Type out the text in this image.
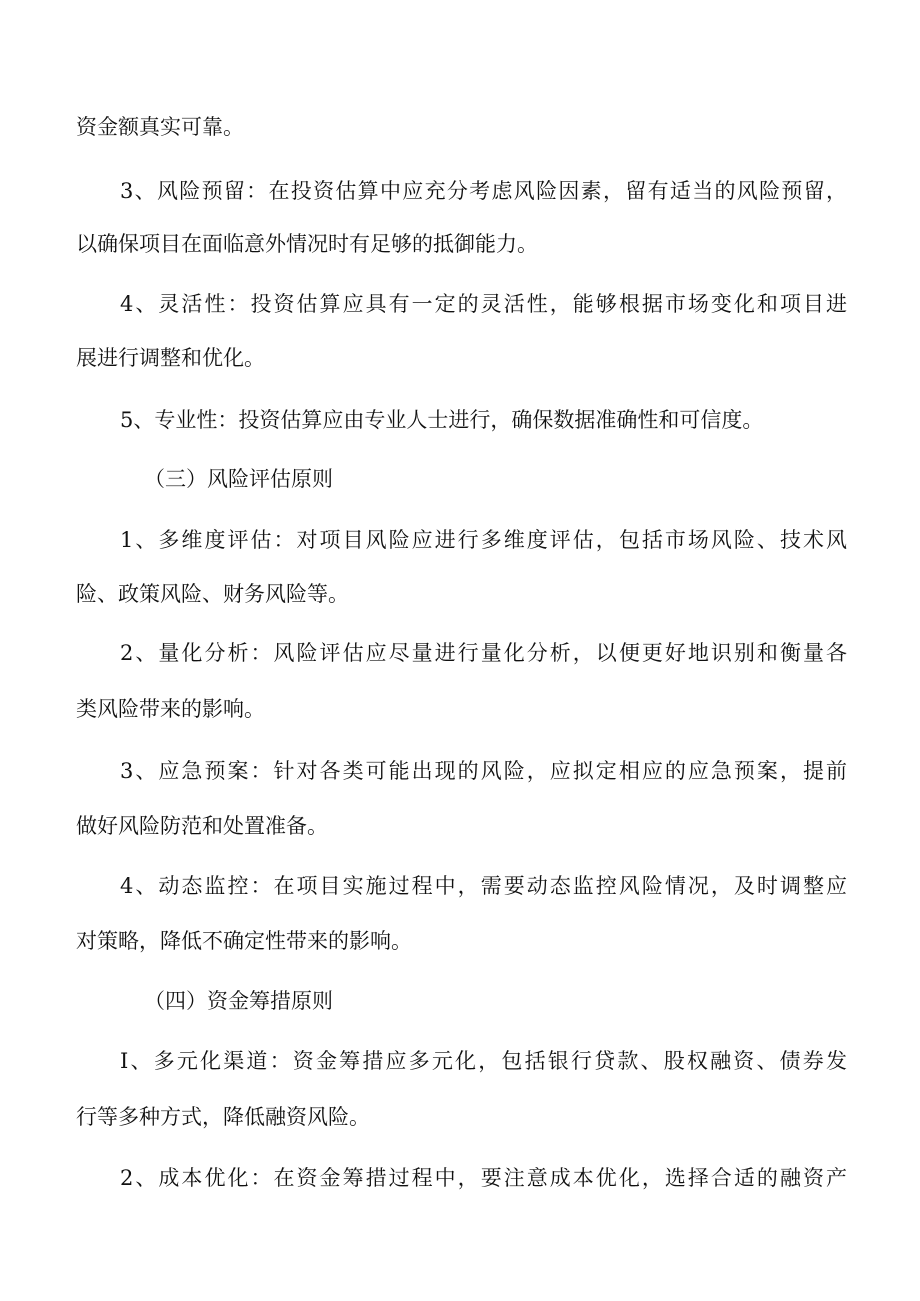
资金额真实可靠。
3、风险预留：在投资估算中应充分考虑风险因素，留有适当的风险预留，
以确保项目在面临意外情况时有足够的抵御能力。
4、灵活性：投资估算应具有一定的灵活性，能够根据市场变化和项目进
展进行调整和优化。
5、专业性：投资估算应由专业人士进行，确保数据准确性和可信度。
（三）风险评估原则
1、多维度评估：对项目风险应进行多维度评估，包括市场风险、技术风
险、政策风险、财务风险等。
2、量化分析：风险评估应尽量进行量化分析，以便更好地识别和衡量各
类风险带来的影响。
3、应急预案：针对各类可能出现的风险，应拟定相应的应急预案，提前
做好风险防范和处置准备。
4、动态监控：在项目实施过程中，需要动态监控风险情况，及时调整应
对策略，降低不确定性带来的影响。
（四）资金筹措原则
I、多元化渠道：资金筹措应多元化，包括银行贷款、股权融资、债券发
行等多种方式，降低融资风险。
2、成本优化：在资金筹措过程中，要注意成本优化，选择合适的融资产
